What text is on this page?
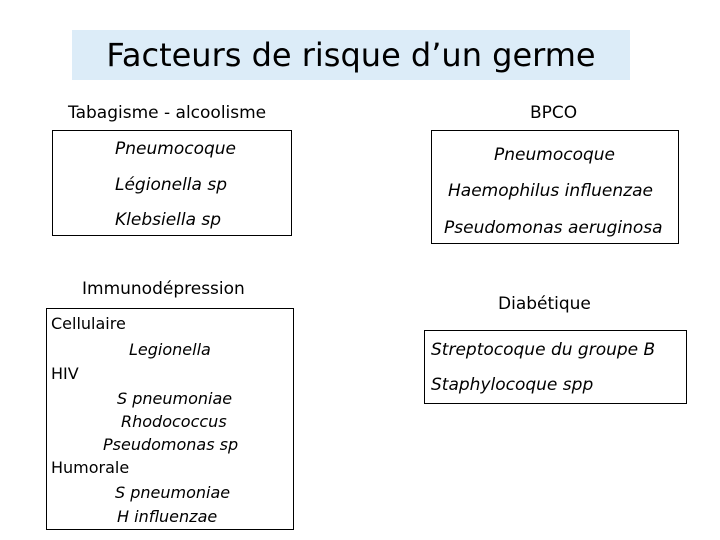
Facteurs de risque d’un germe
Tabagisme - alcoolisme
Pneumocoque
Légionella sp
Klebsiella sp
BPCO
Pneumocoque
Haemophilus influenzae
Pseudomonas aeruginosa
Immunodépression
Cellulaire
Legionella
HIV
S pneumoniae
Rhodococcus
Pseudomonas sp
Humorale
S pneumoniae
H influenzae
Diabétique
Streptocoque du groupe B
Staphylocoque spp
